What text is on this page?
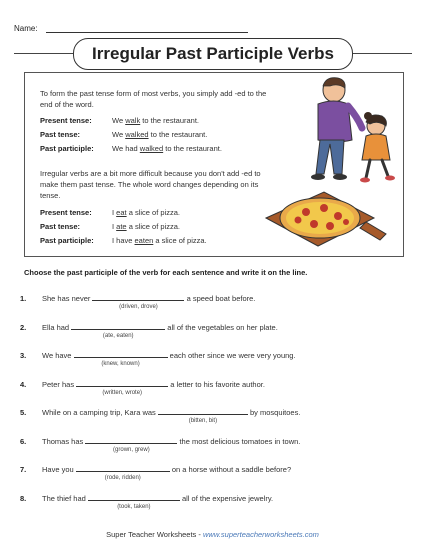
Name:
Irregular Past Participle Verbs
To form the past tense form of most verbs, you simply add -ed to the end of the word.
Present tense:	We walk to the restaurant.
Past tense:	We walked to the restaurant.
Past participle: We had walked to the restaurant.
Irregular verbs are a bit more difficult because you don't add -ed to make them past tense. The whole word changes depending on its tense.
Present tense:	I eat a slice of pizza.
Past tense:	I ate a slice of pizza.
Past participle: I have eaten a slice of pizza.
Choose the past participle of the verb for each sentence and write it on the line.
1. She has never	a speed boat before.
(driven, drove)
2. Ella had	all of the vegetables on her plate.
(ate, eaten)
3. We have	each other since we were very young.
(knew, known)
4. Peter has	a letter to his favorite author.
(written, wrote)
5. While on a camping trip, Kara was	by mosquitoes.
(bitten, bit)
6. Thomas has	the most delicious tomatoes in town.
(grown, grew)
7. Have you	on a horse without a saddle before?
(rode, ridden)
8. The thief had	all of the expensive jewelry.
(took, taken)
Super Teacher Worksheets - www.superteacherworksheets.com
